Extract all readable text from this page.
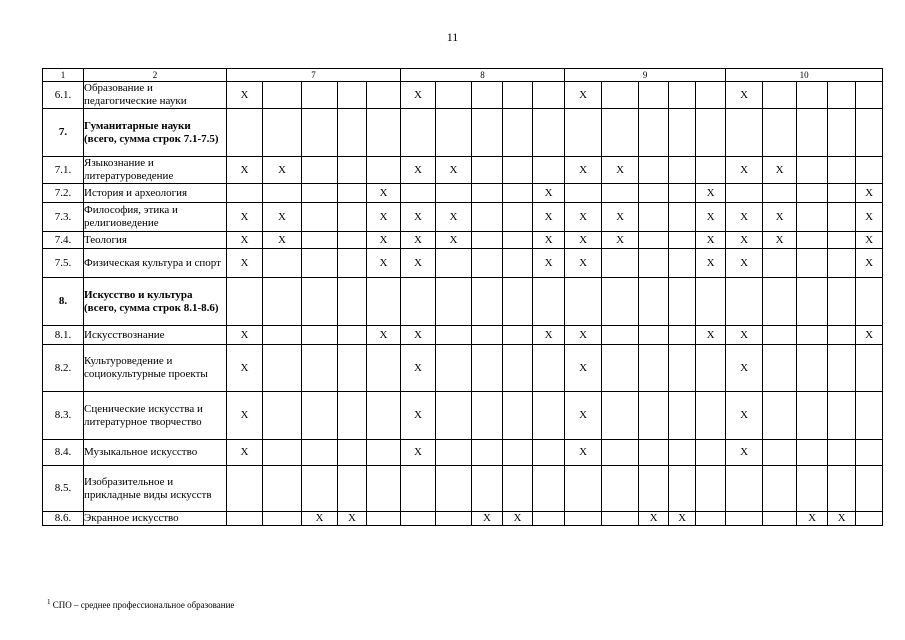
11
1	2	7					8					9					10				
6.1.	Образование и педагогические науки	X					X					X					X				
7.	Гуманитарные науки (всего, сумма строк 7.1-7.5)																				
7.1.	Языкознание и литературоведение	X	X				X	X				X	X				X	X			
7.2.	История и археология					X					X					X					X
7.3.	Философия, этика и религиоведение	X	X			X	X	X			X	X	X			X	X	X			X
7.4.	Теология	X	X			X	X	X			X	X	X			X	X	X			X
7.5.	Физическая культура и спорт	X				X	X				X	X				X	X				X
8.	Искусство и культура (всего, сумма строк 8.1-8.6)																				
8.1.	Искусствознание	X				X	X				X	X				X	X				X
8.2.	Культуроведение и социокультурные проекты	X					X					X					X				
8.3.	Сценические искусства и литературное творчество	X					X					X					X				
8.4.	Музыкальное искусство	X					X					X					X				
8.5.	Изобразительное и прикладные виды искусств																				
8.6.	Экранное искусство			X	X				X	X				X	X				X	X	
$^1$ СПО – среднее профессиональное образование
